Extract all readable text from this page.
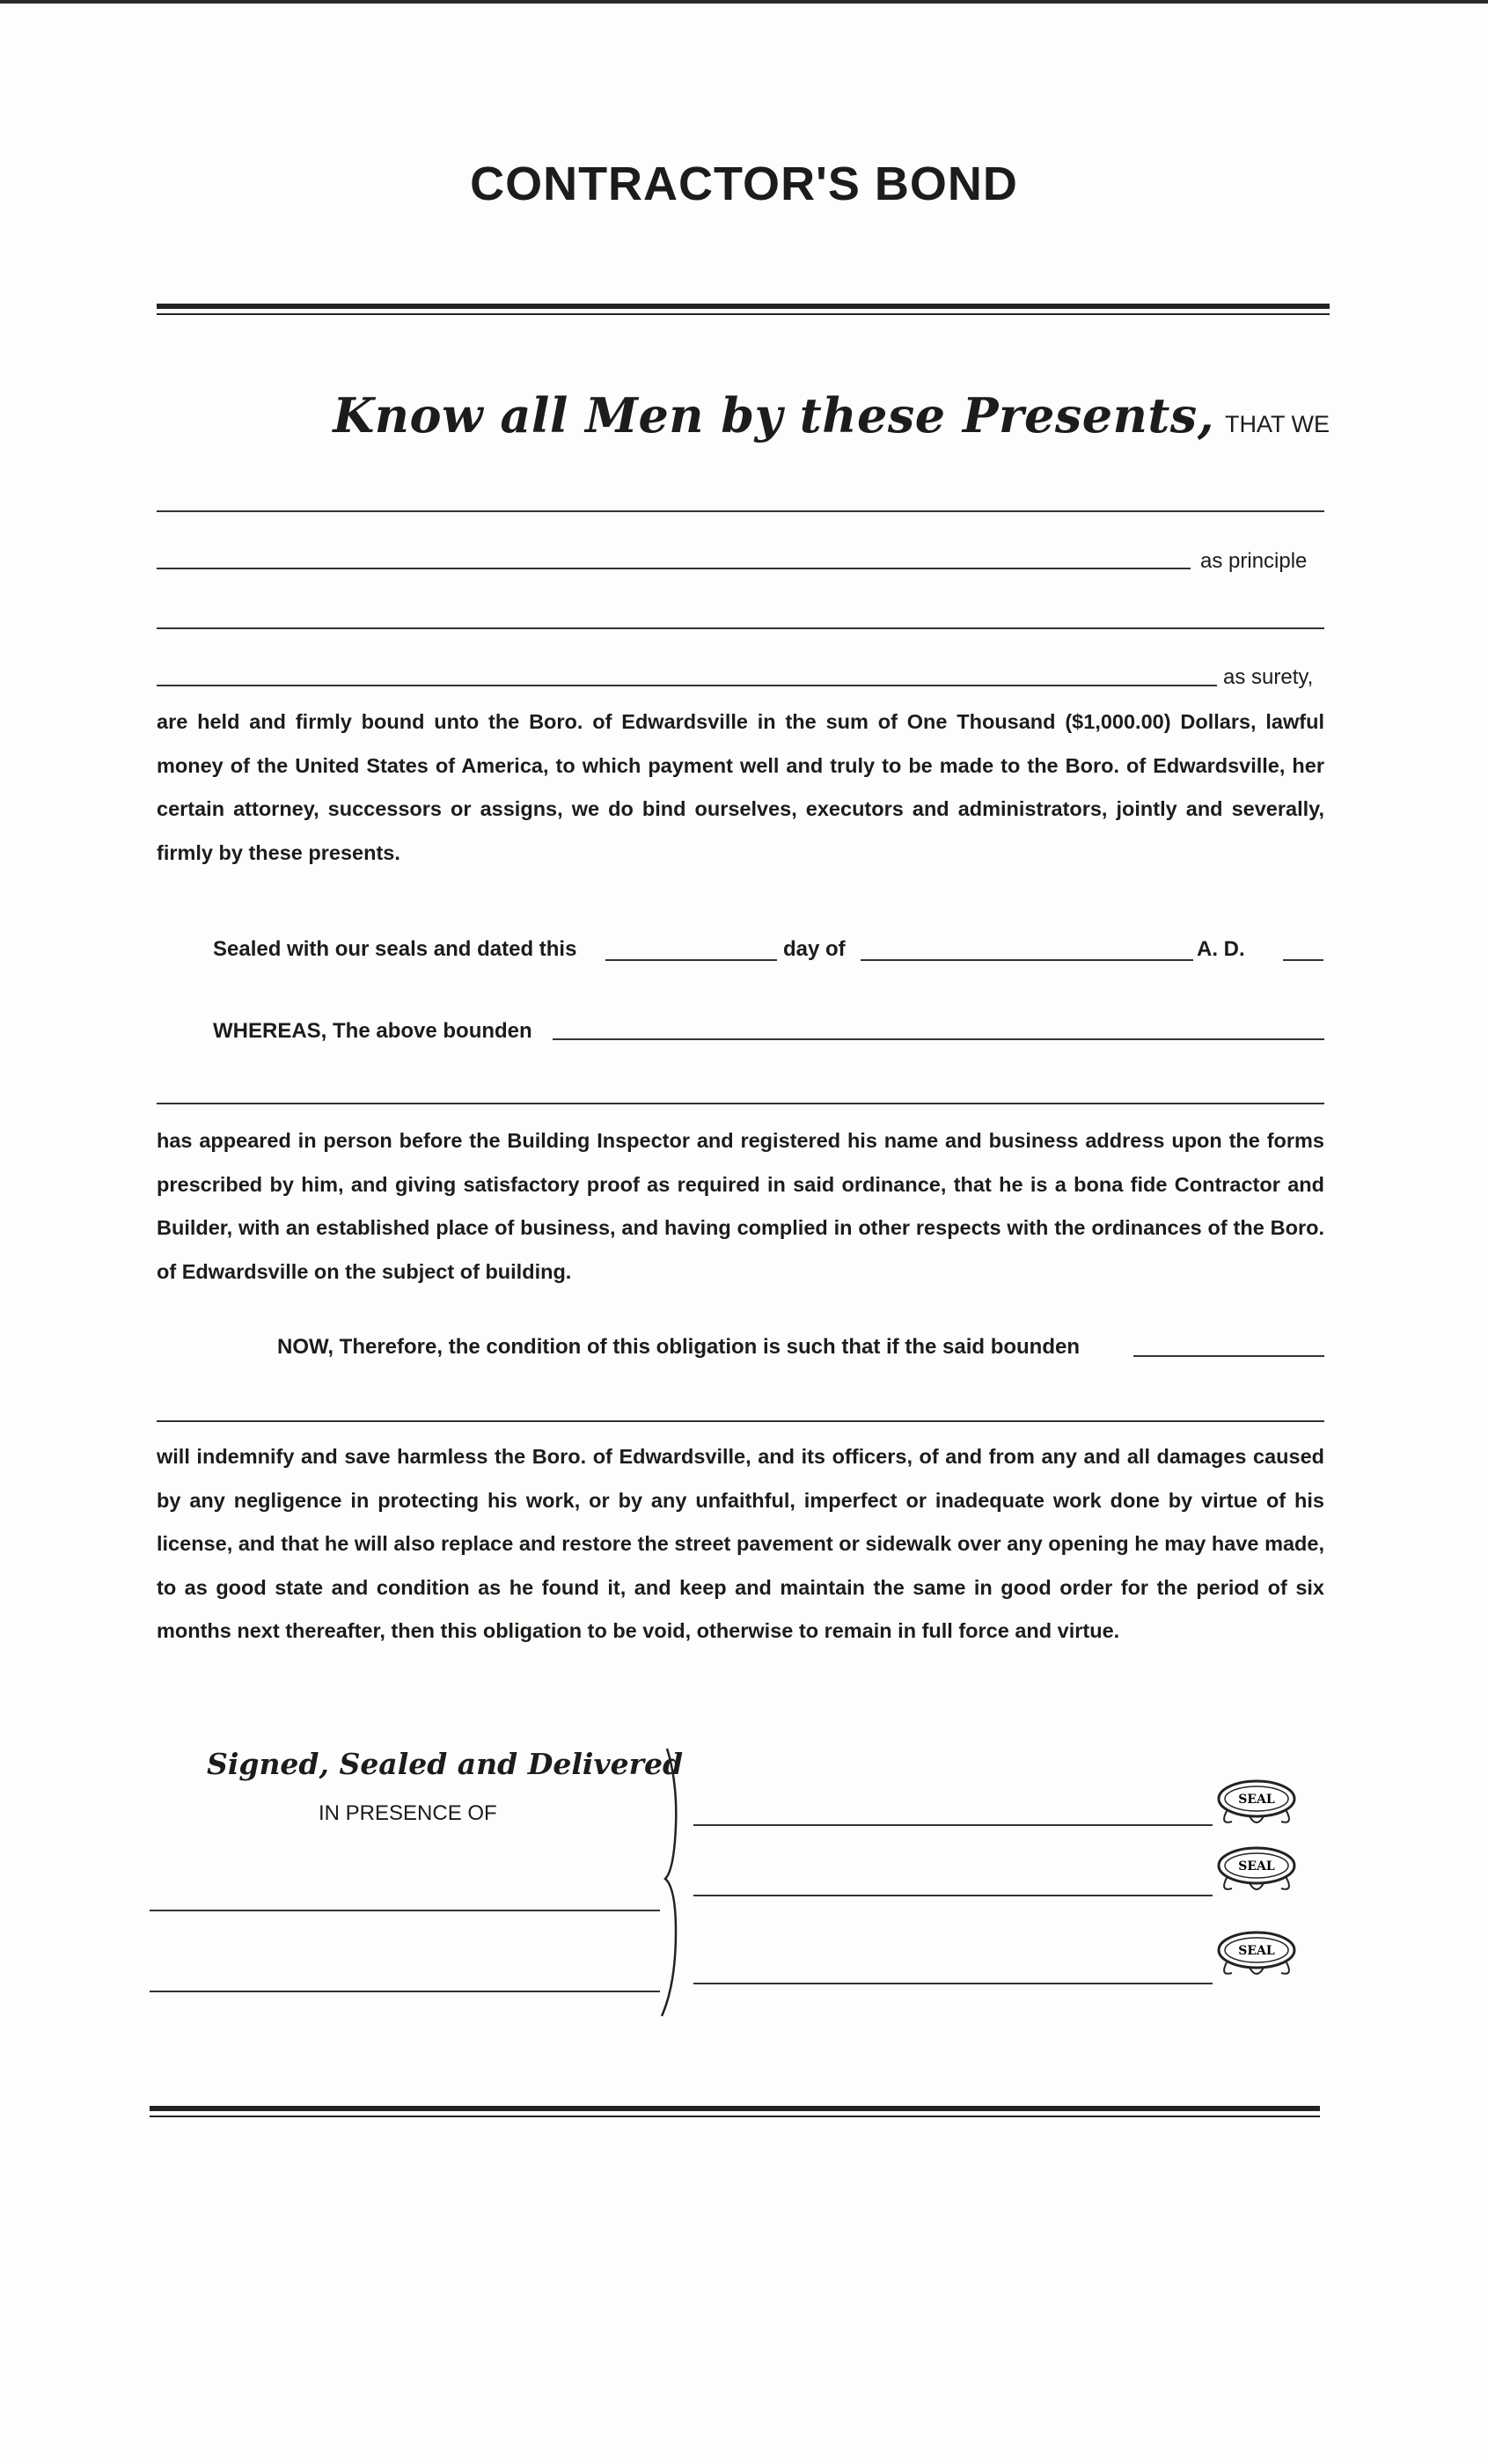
CONTRACTOR'S BOND
Know all Men by these Presents, THAT WE
as principle
as surety,

are held and firmly bound unto the Boro. of Edwardsville in the sum of One Thousand ($1,000.00) Dollars, lawful money of the United States of America, to which payment well and truly to be made to the Boro. of Edwardsville, her certain attorney, successors or assigns, we do bind ourselves, executors and administrators, jointly and severally, firmly by these presents.

Sealed with our seals and dated this	day of	A. D.
WHEREAS, The above bounden

has appeared in person before the Building Inspector and registered his name and business address upon the forms prescribed by him, and giving satisfactory proof as required in said ordinance, that he is a bona fide Contractor and Builder, with an established place of business, and having complied in other respects with the ordinances of the Boro. of Edwardsville on the subject of building.

NOW, Therefore, the condition of this obligation is such that if the said bounden

will indemnify and save harmless the Boro. of Edwardsville, and its officers, of and from any and all damages caused by any negligence in protecting his work, or by any unfaithful, imperfect or inadequate work done by virtue of his license, and that he will also replace and restore the street pavement or sidewalk over any opening he may have made, to as good state and condition as he found it, and keep and maintain the same in good order for the period of six months next thereafter, then this obligation to be void, otherwise to remain in full force and virtue.

Signed, Sealed and Delivered
IN PRESENCE OF
SEAL
SEAL
SEAL
